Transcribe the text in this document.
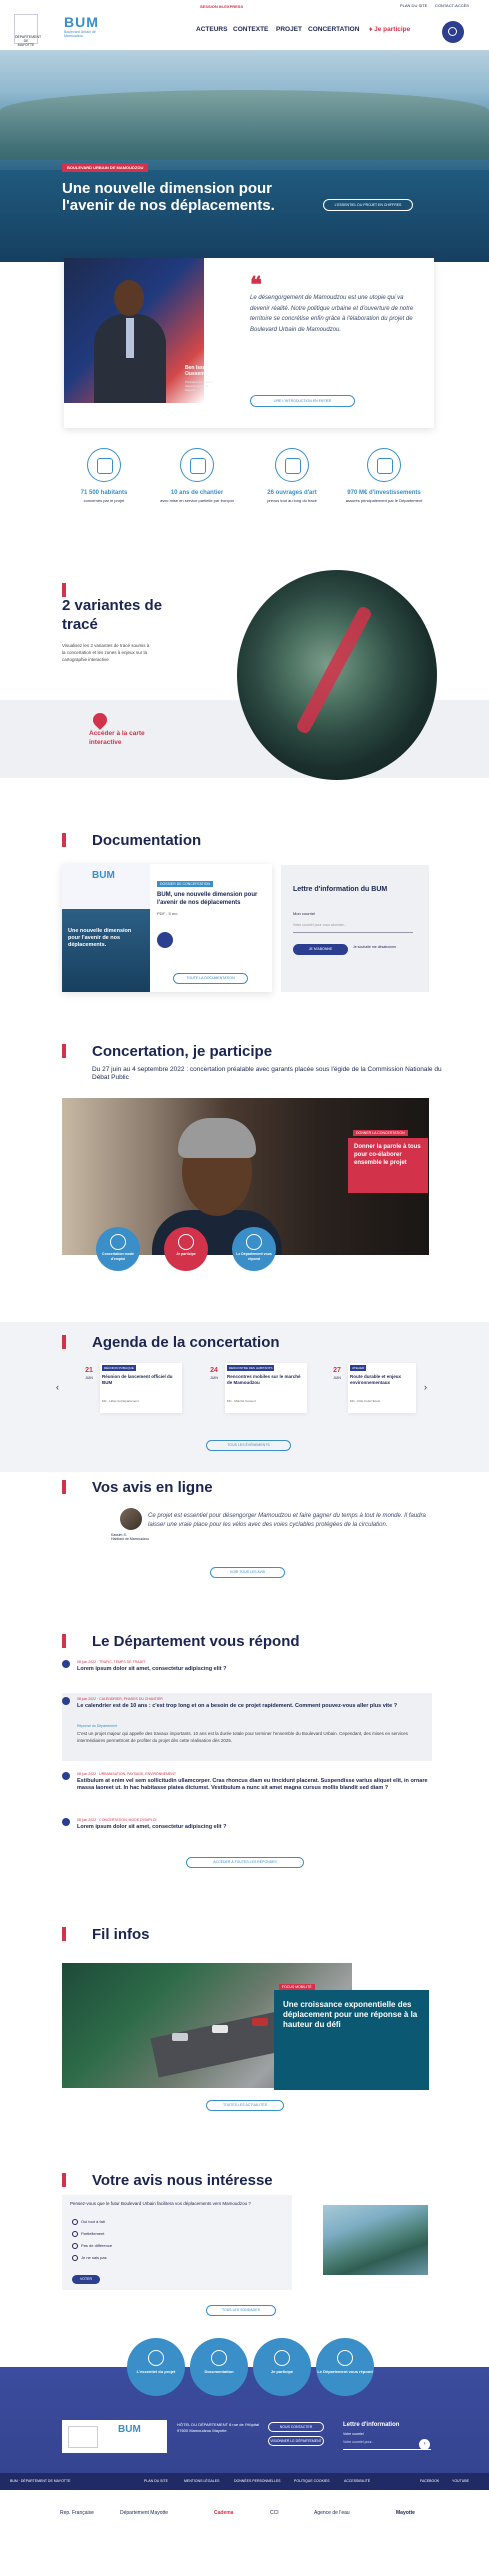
PLAN DU SITE CONTACT-ACCÈS
SESSION IN-EXPRESS
DÉPARTEMENT DE MAYOTTE
BUM
Boulevard Urbain de Mamoudzou
ACTEURS CONTEXTE PROJET CONCERTATION ♦ Je participe
BOULEVARD URBAIN DE MAMOUDZOU
Une nouvelle dimension pour l'avenir de nos déplacements.	L'ESSENTIEL DU PROJET EN CHIFFRES
Ben Issa Ousseni
Président du Conseil départemental de Mayotte
❝
Le désengorgement de Mamoudzou est une utopie qui va devenir réalité. Notre politique urbaine et d'ouverture de notre territoire se concrétise enfin grâce à l'élaboration du projet de Boulevard Urbain de Mamoudzou.
LIRE L'INTRODUCTION EN ENTIER
71 500 habitants
concernés par le projet
10 ans de chantier
avec mise en service partielle par tronçon
26 ouvrages d'art
prévus tout au long du tracé
970 M€ d'investissements
assurés principalement par le Département
2 variantes de tracé
Visualisez les 2 variantes de tracé soumis à la concertation et les zones à enjeux sur la cartographie interactive
Accéder à la carte interactive
Documentation
BUM
Une nouvelle dimension pour l'avenir de nos déplacements.
DOSSIER DE CONCERTATION
BUM, une nouvelle dimension pour l'avenir de nos déplacements
PDF - 5 mo
TOUTE LA DOCUMENTATION
Lettre d'information du BUM
Mon courriel
Votre courriel pour vous abonner...
JE M'ABONNE	Je souhaite me désabonner
Concertation, je participe
Du 27 juin au 4 septembre 2022 : concertation préalable avec garants placée sous l'égide de la Commission Nationale du Débat Public
DONNER LA CONCERTATION
Donner la parole à tous pour co-élaborer ensemble le projet
Concertation mode d'emploi
Je participe	Le Département vous répond
Agenda de la concertation
‹	›
21
JUIN
RÉUNION PUBLIQUE
Réunion de lancement officiel du BUM
MC - Hôtel du Département
24
JUIN
RENCONTRE DES HABITANTS
Rencontres mobiles sur le marché de Mamoudzou
MC - Marché Couvert
27
JUIN
ATELIER
Route durable et enjeux environnementaux
MC - Pôle Cultur'Ecole
TOUS LES ÉVÉNEMENTS
Vos avis en ligne
Kassim S.
Habitant de Mamoudzou
Ce projet est essentiel pour désengorger Mamoudzou et faire gagner du temps à tout le monde. Il faudra laisser une vraie place pour les vélos avec des voies cyclables protégées de la circulation.
VOIR TOUS LES AVIS
Le Département vous répond
08 juin 2022 · TRAFIC, TEMPS DE TRAJET
Lorem ipsum dolor sit amet, consectetur adipiscing elit ?
08 juin 2022 · CALENDRIER, PHASES DU CHANTIER
Le calendrier est de 10 ans : c'est trop long et on a besoin de ce projet rapidement. Comment pouvez-vous aller plus vite ?
Réponse du Département
C'est un projet majeur qui appelle des travaux importants. 10 ans est la durée totale pour terminer l'ensemble du Boulevard Urbain. Cependant, des mises en services intermédiaires permettront de profiter du projet dès cette réalisation dès 2025.
08 juin 2022 · URBANISATION, PAYSAGE, ENVIRONNEMENT
Estibulum at enim vel sem sollicitudin ullamcorper. Cras rhoncus diam eu tincidunt placerat. Suspendisse varius aliquet elit, in ornare massa laoreet ut. In hac habitasse platea dictumst. Vestibulum a nunc sit amet magna cursus mollis blandit sed diam ?
08 juin 2022 · CONCERTATION, MODE D'EMPLOI
Lorem ipsum dolor sit amet, consectetur adipiscing elit ?
ACCÉDER À TOUTES LES RÉPONSES
Fil infos
FOCUS MOBILITÉ
Une croissance exponentielle des déplacement pour une réponse à la hauteur du défi
TOUTES LES ACTUALITÉS
Votre avis nous intéresse
Pensez-vous que le futur Boulevard Urbain facilitera vos déplacements vers Mamoudzou ?
Oui tout à fait
Partiellement
Pas de différence
Je ne sais pas
VOTER
TOUS LES SONDAGES
L'essentiel du projet	Documentation	Je participe	Le Département vous répond
BUM	HÔTEL DU DÉPARTEMENT 8 rue de l'Hôpital 97600 Mamoudzou Mayotte
NOUS CONTACTER
VISIONNER LE DÉPARTEMENT
Lettre d'information
Votre courriel
Votre courriel pour...	›
BUM · DÉPARTEMENT DE MAYOTTE	PLAN DU SITE	MENTIONS LÉGALES	DONNÉES PERSONNELLES	POLITIQUE COOKIES	ACCESSIBILITÉ	FACEBOOK	YOUTUBE
Rep. Française	Département Mayotte	Cadema	CCI	Agence de l'eau	Mayotte
